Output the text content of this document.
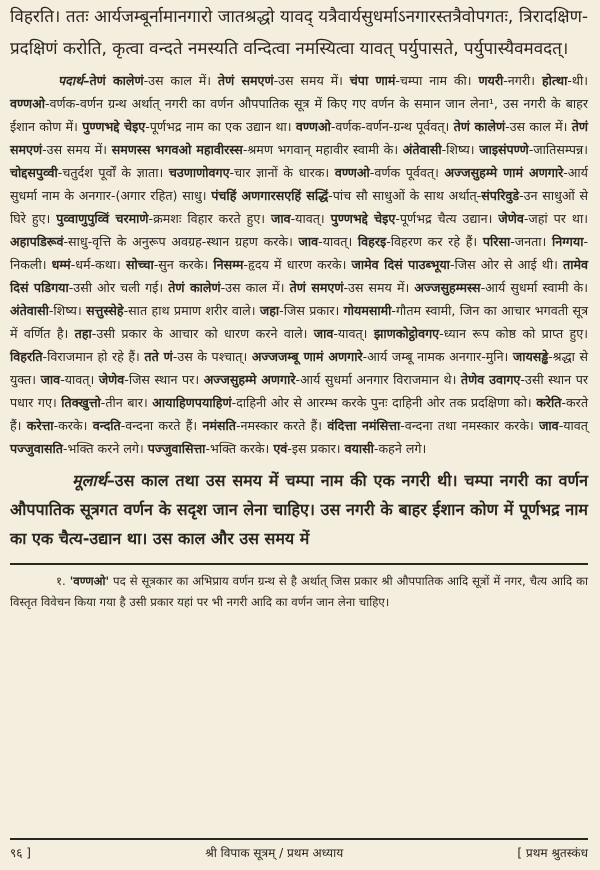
विहरति। ततः आर्यजम्बूर्नामानगारो जातश्रद्धो यावद् यत्रैवार्यसुधर्माऽनगारस्तत्रैवोपगतः, त्रिरादक्षिण-प्रदक्षिणं करोति, कृत्वा वन्दते नमस्यति वन्दित्वा नमस्यित्वा यावत् पर्युपासते, पर्युपास्यैवमवदत्।
पदार्थ–तेणं कालेणं-उस काल में। तेणं समएणं-उस समय में। चंपा णामं-चम्पा नाम की। णयरी-नगरी। होत्था-थी। वण्णओ-वर्णक-वर्णन ग्रन्थ अर्थात् नगरी का वर्णन औपपातिक सूत्र में किए गए वर्णन के समान जान लेना¹, उस नगरी के बाहर ईशान कोण में। पुण्णभद्दे चेइए-पूर्णभद्र नाम का एक उद्यान था। वण्णओ-वर्णक-वर्णन-ग्रन्थ पूर्ववत्। तेणं कालेणं-उस काल में। तेणं समएणं-उस समय में। समणस्स भगवओ महावीरस्स-श्रमण भगवान् महावीर स्वामी के। अंतेवासी-शिष्य। जाइसंपण्णे-जातिसम्पन्न। चोद्दसपुव्वी-चतुर्दश पूर्वों के ज्ञाता। चउणाणोवगए-चार ज्ञानों के धारक। वण्णओ-वर्णक पूर्ववत्। अज्जसुहम्मे णामं अणगारे-आर्य सुधर्मा नाम के अनगार-(अगार रहित) साधु। पंचहिं अणगारसएहिं सद्धिं-पांच सौ साधुओं के साथ अर्थात्-संपरिवुडे-उन साधुओं से घिरे हुए। पुव्वाणुपुव्विं चरमाणे-क्रमशः विहार करते हुए। जाव-यावत्। पुण्णभद्दे चेइए-पूर्णभद्र चैत्य उद्यान। जेणेव-जहां पर था। अहापडिरूवं-साधु-वृत्ति के अनुरूप अवग्रह-स्थान ग्रहण करके। जाव-यावत्। विहरइ-विहरण कर रहे हैं। परिसा-जनता। निग्गया-निकली। धम्मं-धर्म-कथा। सोच्चा-सुन करके। निसम्म-हृदय में धारण करके। जामेव दिसं पाउब्भूया-जिस ओर से आई थी। तामेव दिसं पडिगया-उसी ओर चली गई। तेणं कालेणं-उस काल में। तेणं समएणं-उस समय में। अज्जसुहम्मस्स-आर्य सुधर्मा स्वामी के। अंतेवासी-शिष्य। सत्तुस्सेहे-सात हाथ प्रमाण शरीर वाले। जहा-जिस प्रकार। गोयमसामी-गौतम स्वामी, जिन का आचार भगवती सूत्र में वर्णित है। तहा-उसी प्रकार के आचार को धारण करने वाले। जाव-यावत्। झाणकोट्ठोवगए-ध्यान रूप कोष्ठ को प्राप्त हुए। विहरति-विराजमान हो रहे हैं। तते णं-उस के पश्चात्। अज्जजम्बू णामं अणगारे-आर्य जम्बू नामक अनगार-मुनि। जायसड्ढे-श्रद्धा से युक्त। जाव-यावत्। जेणेव-जिस स्थान पर। अज्जसुहम्मे अणगारे-आर्य सुधर्मा अनगार विराजमान थे। तेणेव उवागए-उसी स्थान पर पधार गए। तिक्खुत्तो-तीन बार। आयाहिणपयाहिणं-दाहिनी ओर से आरम्भ करके पुनः दाहिनी ओर तक प्रदक्षिणा को। करेति-करते हैं। करेत्ता-करके। वन्दति-वन्दना करते हैं। नमंसति-नमस्कार करते हैं। वंदित्ता नमंसित्ता-वन्दना तथा नमस्कार करके। जाव-यावत् पज्जुवासति-भक्ति करने लगे। पज्जुवासित्ता-भक्ति करके। एवं-इस प्रकार। वयासी-कहने लगे।
मूलार्थ–उस काल तथा उस समय में चम्पा नाम की एक नगरी थी। चम्पा नगरी का वर्णन औपपातिक सूत्रगत वर्णन के सदृश जान लेना चाहिए। उस नगरी के बाहर ईशान कोण में पूर्णभद्र नाम का एक चैत्य-उद्यान था। उस काल और उस समय में
१. 'वण्णओ' पद से सूत्रकार का अभिप्राय वर्णन ग्रन्थ से है अर्थात् जिस प्रकार श्री औपपातिक आदि सूत्रों में नगर, चैत्य आदि का विस्तृत विवेचन किया गया है उसी प्रकार यहां पर भी नगरी आदि का वर्णन जान लेना चाहिए।
९६ ]	श्री विपाक सूत्रम् / प्रथम अध्याय	[ प्रथम श्रुतस्कंध
